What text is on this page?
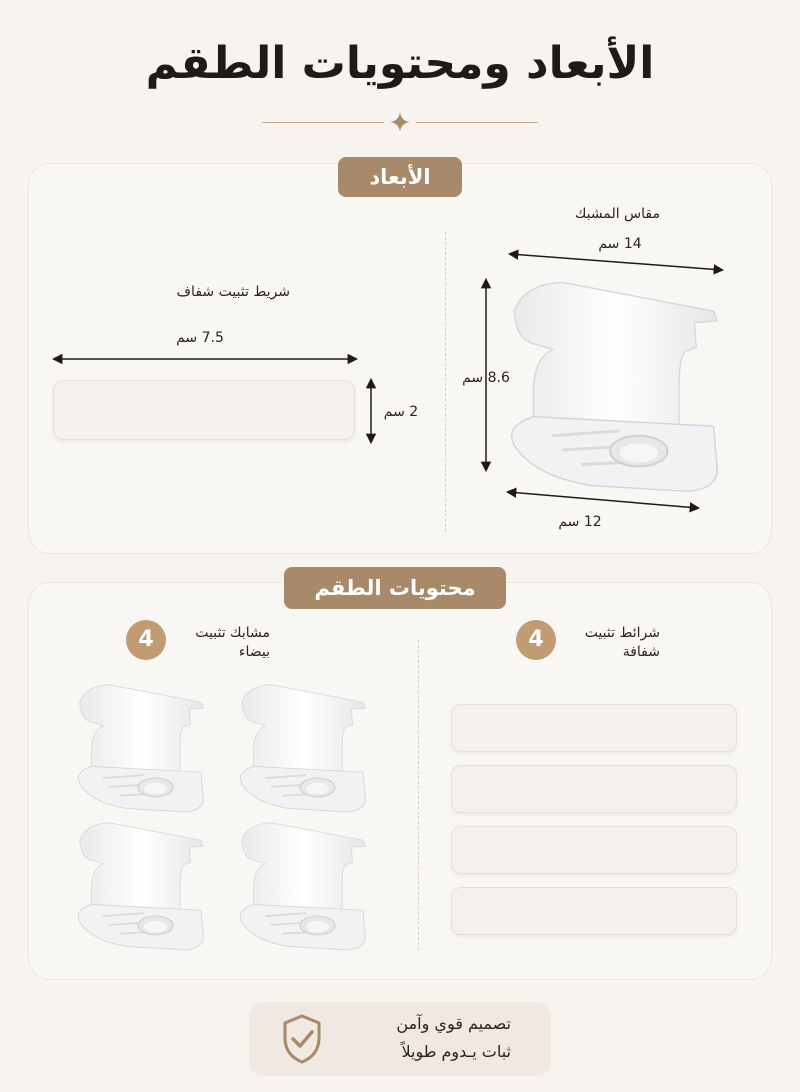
الأبعاد ومحتويات الطقم
الأبعاد
شريط تثبيت شفاف
7.5 سم
2 سم
مقاس المشبك
14 سم
8.6 سم
12 سم
محتويات الطقم
4	مشابك تثبيت
بيضاء	4	شرائط تثبيت
شفافة
تصميم قوي وآمن
ثبات يـدوم طويلاً
